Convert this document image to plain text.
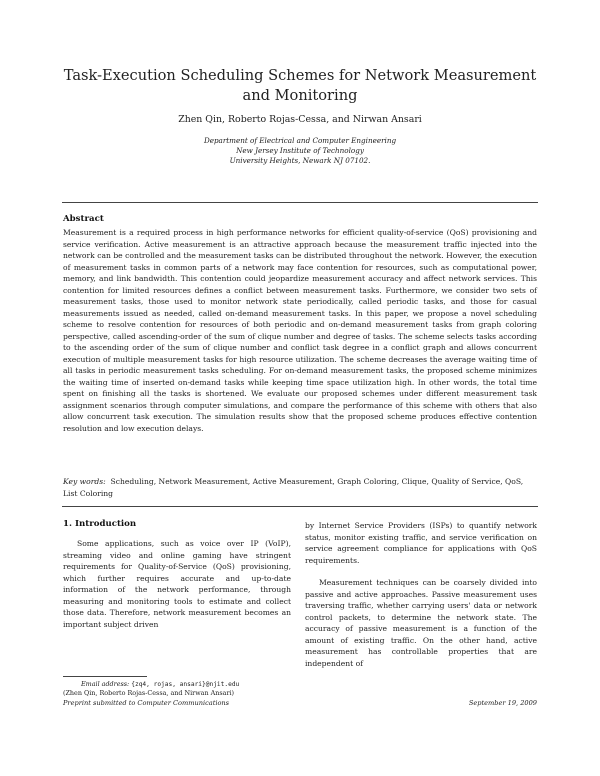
Task-Execution Scheduling Schemes for Network Measurement and Monitoring
Zhen Qin, Roberto Rojas-Cessa, and Nirwan Ansari
Department of Electrical and Computer Engineering
New Jersey Institute of Technology
University Heights, Newark NJ 07102.
Abstract
Measurement is a required process in high performance networks for efficient quality-of-service (QoS) provisioning and service verification. Active measurement is an attractive approach because the measurement traffic injected into the network can be controlled and the measurement tasks can be distributed throughout the network. However, the execution of measurement tasks in common parts of a network may face contention for resources, such as computational power, memory, and link bandwidth. This contention could jeopardize measurement accuracy and affect network services. This contention for limited resources defines a conflict between measurement tasks. Furthermore, we consider two sets of measurement tasks, those used to monitor network state periodically, called periodic tasks, and those for casual measurements issued as needed, called on-demand measurement tasks. In this paper, we propose a novel scheduling scheme to resolve contention for resources of both periodic and on-demand measurement tasks from graph coloring perspective, called ascending-order of the sum of clique number and degree of tasks. The scheme selects tasks according to the ascending order of the sum of clique number and conflict task degree in a conflict graph and allows concurrent execution of multiple measurement tasks for high resource utilization. The scheme decreases the average waiting time of all tasks in periodic measurement tasks scheduling. For on-demand measurement tasks, the proposed scheme minimizes the waiting time of inserted on-demand tasks while keeping time space utilization high. In other words, the total time spent on finishing all the tasks is shortened. We evaluate our proposed schemes under different measurement task assignment scenarios through computer simulations, and compare the performance of this scheme with others that also allow concurrent task execution. The simulation results show that the proposed scheme produces effective contention resolution and low execution delays.
Key words: Scheduling, Network Measurement, Active Measurement, Graph Coloring, Clique, Quality of Service, QoS, List Coloring
1. Introduction

Some applications, such as voice over IP (VoIP), streaming video and online gaming have stringent requirements for Quality-of-Service (QoS) provisioning, which further requires accurate and up-to-date information of the network performance, through measuring and monitoring tools to estimate and collect those data. Therefore, network measurement becomes an important subject driven

by Internet Service Providers (ISPs) to quantify network status, monitor existing traffic, and service verification on service agreement compliance for applications with QoS requirements.

Measurement techniques can be coarsely divided into passive and active approaches. Passive measurement uses traversing traffic, whether carrying users' data or network control packets, to determine the network state. The accuracy of passive measurement is a function of the amount of existing traffic. On the other hand, active measurement has controllable properties that are independent of

Email address: {zq4, rojas, ansari}@njit.edu
(Zhen Qin, Roberto Rojas-Cessa, and Nirwan Ansari)
Preprint submitted to Computer Communications	September 19, 2009
